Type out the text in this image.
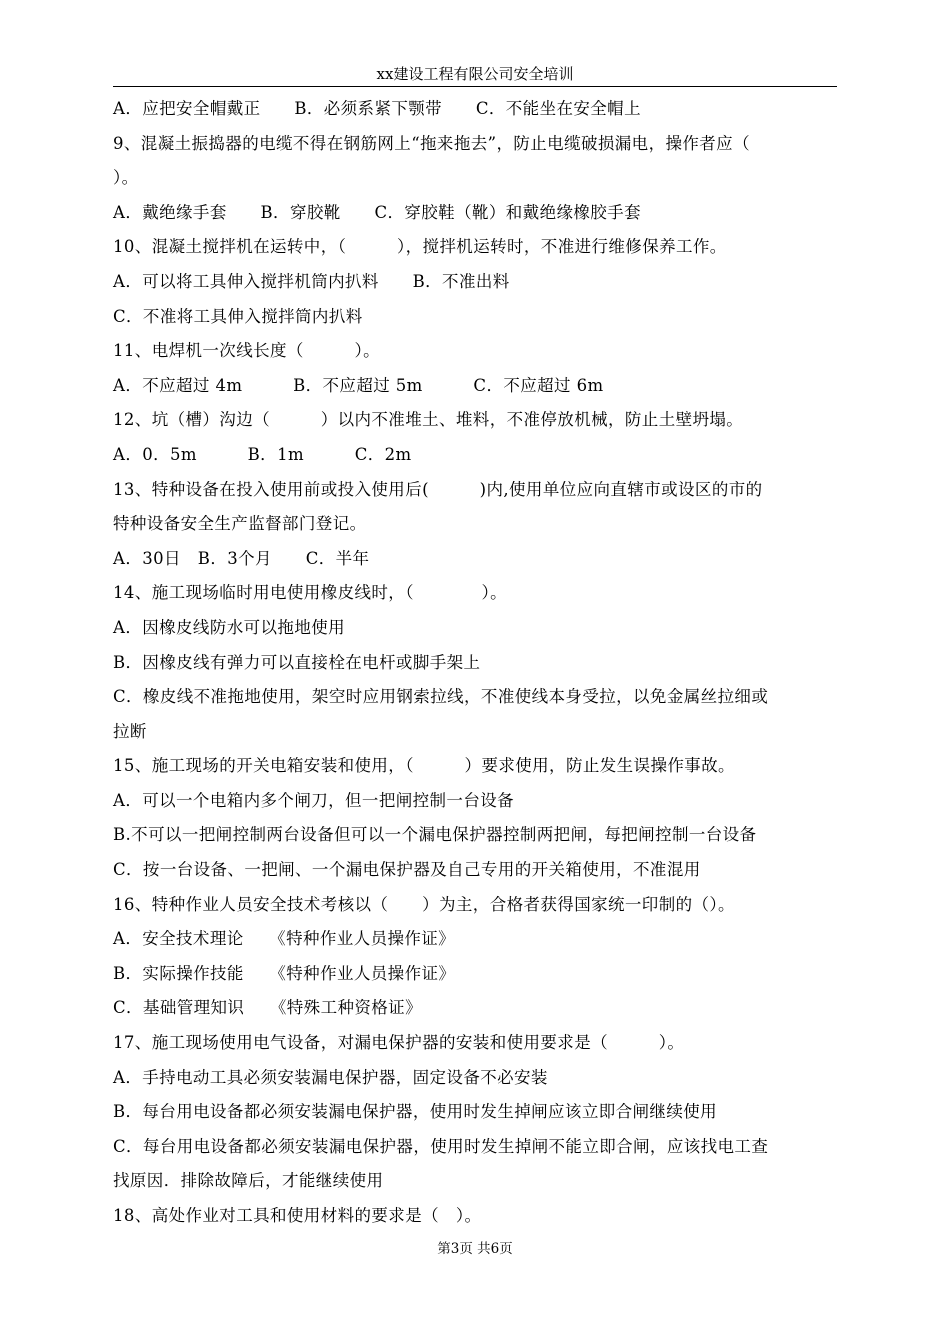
xx建设工程有限公司安全培训
A．应把安全帽戴正　　B．必须系紧下颚带　　C．不能坐在安全帽上
9、混凝土振捣器的电缆不得在钢筋网上“拖来拖去”，防止电缆破损漏电，操作者应（
）。
A．戴绝缘手套　　B．穿胶靴　　C．穿胶鞋（靴）和戴绝缘橡胶手套
10、混凝土搅拌机在运转中，（　　　），搅拌机运转时，不准进行维修保养工作。
A．可以将工具伸入搅拌机筒内扒料　　B．不准出料
C．不准将工具伸入搅拌筒内扒料
11、电焊机一次线长度（　　　）。
A．不应超过 4m　　　B．不应超过 5m　　　C．不应超过 6m
12、坑（槽）沟边（　　　）以内不准堆土、堆料，不准停放机械，防止土壁坍塌。
A．0．5m　　　B．1m　　　C．2m
13、特种设备在投入使用前或投入使用后(　　　)内,使用单位应向直辖市或设区的市的
特种设备安全生产监督部门登记。
A．30日　B．3个月　　C．半年
14、施工现场临时用电使用橡皮线时，（　　　　）。
A．因橡皮线防水可以拖地使用
B．因橡皮线有弹力可以直接栓在电杆或脚手架上
C．橡皮线不准拖地使用，架空时应用钢索拉线，不准使线本身受拉，以免金属丝拉细或
拉断
15、施工现场的开关电箱安装和使用，（　　　）要求使用，防止发生误操作事故。
A．可以一个电箱内多个闸刀，但一把闸控制一台设备
B.不可以一把闸控制两台设备但可以一个漏电保护器控制两把闸，每把闸控制一台设备
C．按一台设备、一把闸、一个漏电保护器及自己专用的开关箱使用，不准混用
16、特种作业人员安全技术考核以（　　）为主，合格者获得国家统一印制的（）。
A．安全技术理论　　《特种作业人员操作证》
B．实际操作技能　　《特种作业人员操作证》
C．基础管理知识　　《特殊工种资格证》
17、施工现场使用电气设备，对漏电保护器的安装和使用要求是（　　　）。
A．手持电动工具必须安装漏电保护器，固定设备不必安装
B．每台用电设备都必须安装漏电保护器，使用时发生掉闸应该立即合闸继续使用
C．每台用电设备都必须安装漏电保护器，使用时发生掉闸不能立即合闸，应该找电工查
找原因．排除故障后，才能继续使用
18、高处作业对工具和使用材料的要求是（　）。
第3页 共6页
